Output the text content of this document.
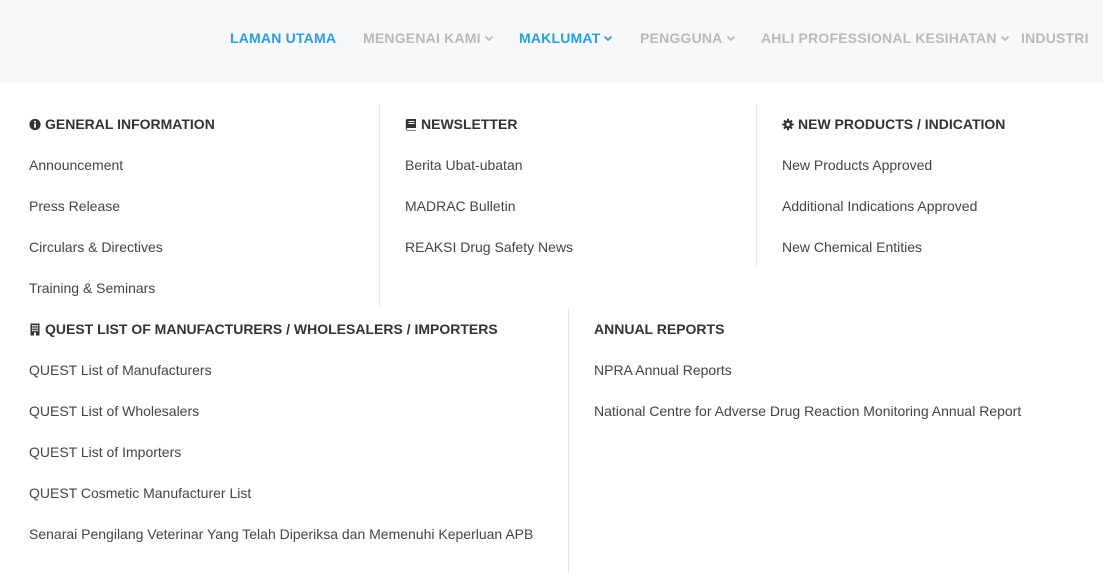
LAMAN UTAMA MENGENAI KAMI	MAKLUMAT	PENGGUNA	AHLI PROFESSIONAL KESIHATAN INDUSTRI
GENERAL INFORMATION
Announcement
Press Release
Circulars & Directives
Training & Seminars
NEWSLETTER
Berita Ubat-ubatan
MADRAC Bulletin
REAKSI Drug Safety News
NEW PRODUCTS / INDICATION
New Products Approved
Additional Indications Approved
New Chemical Entities
QUEST LIST OF MANUFACTURERS / WHOLESALERS / IMPORTERS
QUEST List of Manufacturers
QUEST List of Wholesalers
QUEST List of Importers
QUEST Cosmetic Manufacturer List
Senarai Pengilang Veterinar Yang Telah Diperiksa dan Memenuhi Keperluan APB
ANNUAL REPORTS
NPRA Annual Reports
National Centre for Adverse Drug Reaction Monitoring Annual Report
